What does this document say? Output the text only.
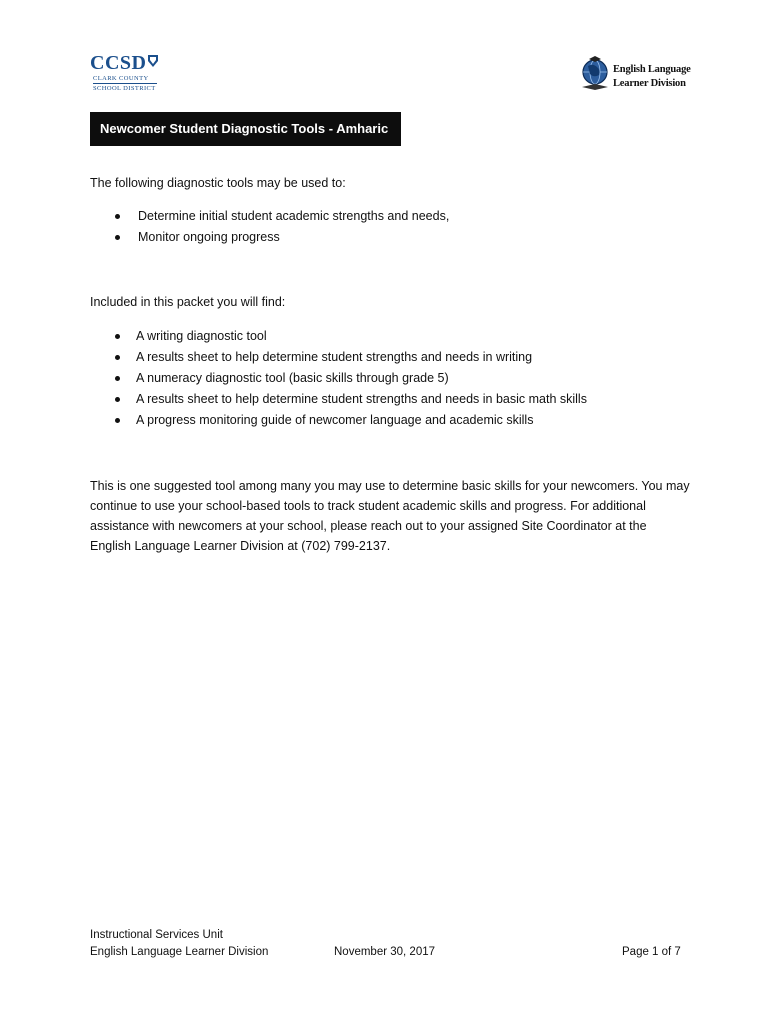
CCSD
CLARK COUNTY
SCHOOL DISTRICT
English Language
Learner Division
Newcomer Student Diagnostic Tools - Amharic
The following diagnostic tools may be used to:
Determine initial student academic strengths and needs,
Monitor ongoing progress
Included in this packet you will find:
A writing diagnostic tool
A results sheet to help determine student strengths and needs in writing
A numeracy diagnostic tool (basic skills through grade 5)
A results sheet to help determine student strengths and needs in basic math skills
A progress monitoring guide of newcomer language and academic skills
This is one suggested tool among many you may use to determine basic skills for your newcomers. You may continue to use your school-based tools to track student academic skills and progress. For additional assistance with newcomers at your school, please reach out to your assigned Site Coordinator at the English Language Learner Division at (702) 799-2137.
Instructional Services Unit
English Language Learner Division	November 30, 2017	Page 1 of 7
